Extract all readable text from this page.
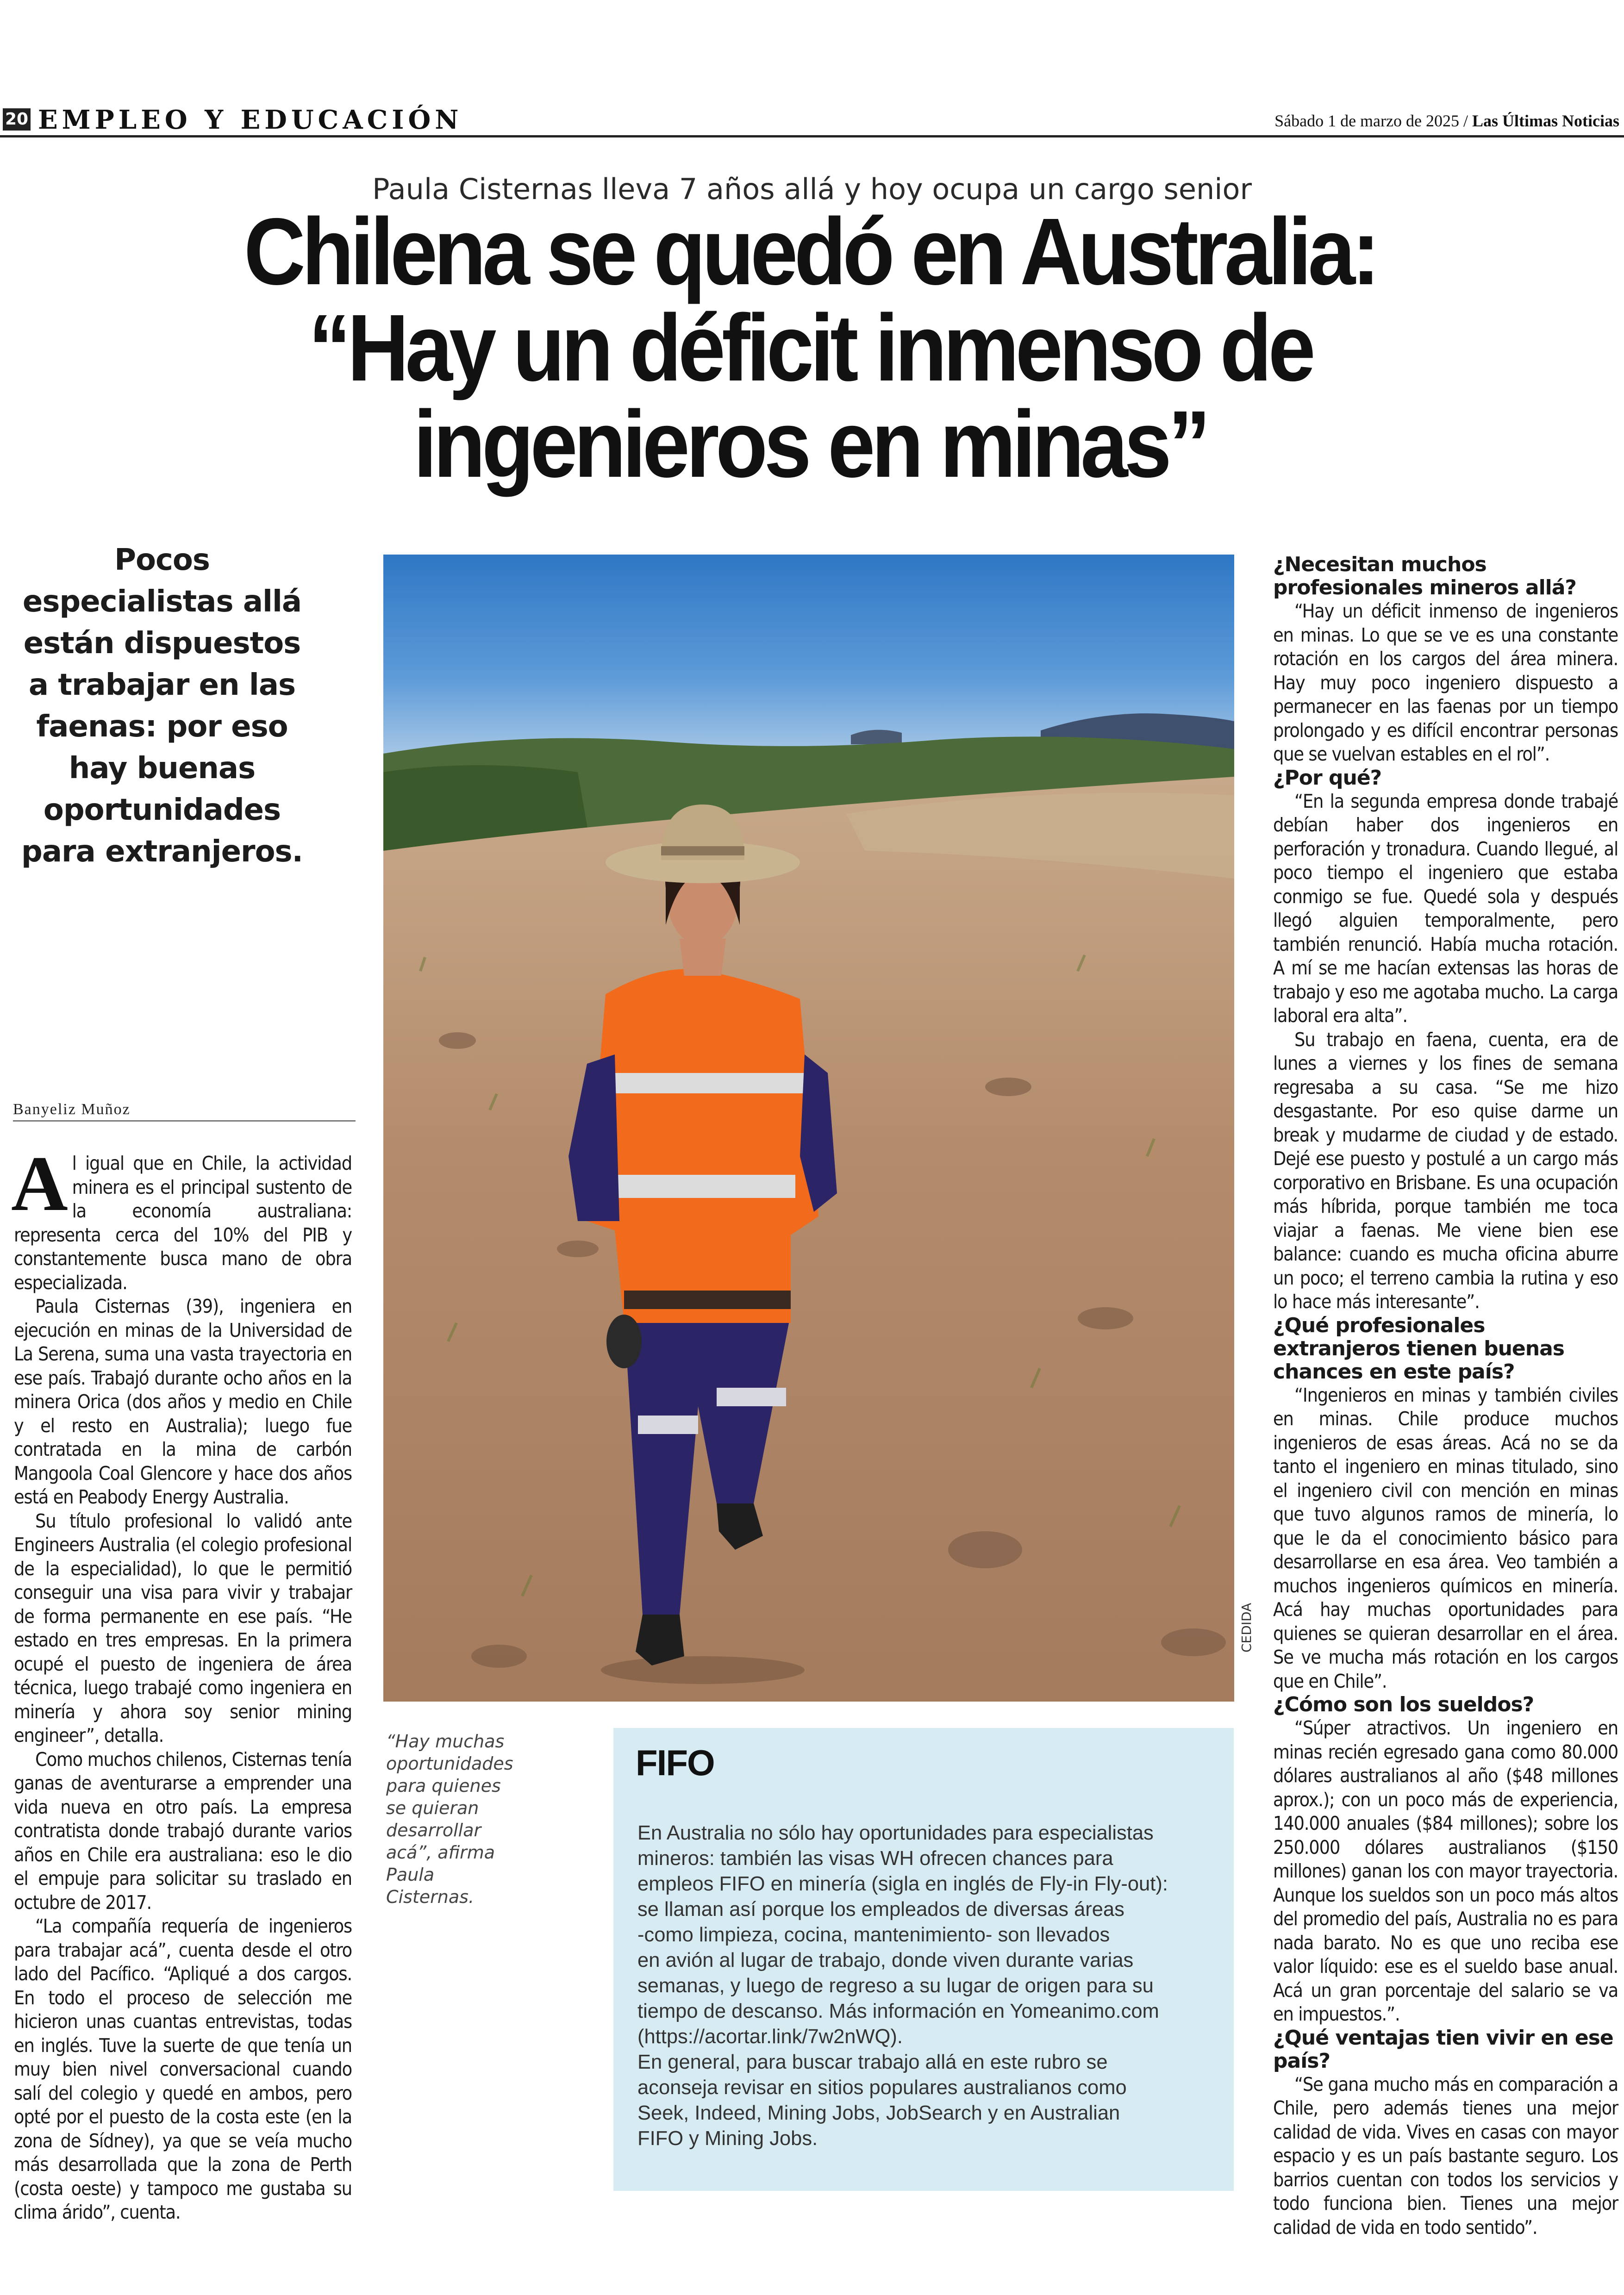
20 EMPLEO Y EDUCACIÓN	Sábado 1 de marzo de 2025 / Las Últimas Noticias
Paula Cisternas lleva 7 años allá y hoy ocupa un cargo senior
Chilena se quedó en Australia:
“Hay un déficit inmenso de
ingenieros en minas”
Pocos especialistas allá están dispuestos a trabajar en las faenas: por eso hay buenas oportunidades para extranjeros.
Banyeliz Muñoz

Al igual que en Chile, la actividad minera es el principal sustento de la economía australiana: representa cerca del 10% del PIB y constantemente busca mano de obra especializada.

Paula Cisternas (39), ingeniera en ejecución en minas de la Universidad de La Serena, suma una vasta trayectoria en ese país. Trabajó durante ocho años en la minera Orica (dos años y medio en Chile y el resto en Australia); luego fue contratada en la mina de carbón Mangoola Coal Glencore y hace dos años está en Peabody Energy Australia.

Su título profesional lo validó ante Engineers Australia (el colegio profesional de la especialidad), lo que le permitió conseguir una visa para vivir y trabajar de forma permanente en ese país. “He estado en tres empresas. En la primera ocupé el puesto de ingeniera de área técnica, luego trabajé como ingeniera en minería y ahora soy senior mining engineer”, detalla.

Como muchos chilenos, Cisternas tenía ganas de aventurarse a emprender una vida nueva en otro país. La empresa contratista donde trabajó durante varios años en Chile era australiana: eso le dio el empuje para solicitar su traslado en octubre de 2017.

“La compañía requería de ingenieros para trabajar acá”, cuenta desde el otro lado del Pacífico. “Apliqué a dos cargos. En todo el proceso de selección me hicieron unas cuantas entrevistas, todas en inglés. Tuve la suerte de que tenía un muy bien nivel conversacional cuando salí del colegio y quedé en ambos, pero opté por el puesto de la costa este (en la zona de Sídney), ya que se veía mucho más desarrollada que la zona de Perth (costa oeste) y tampoco me gustaba su clima árido”, cuenta.

CEDIDA
“Hay muchas oportunidades para quienes se quieran desarrollar acá”, afirma Paula Cisternas.
FIFO
En Australia no sólo hay oportunidades para especialistas
mineros: también las visas WH ofrecen chances para
empleos FIFO en minería (sigla en inglés de Fly-in Fly-out):
se llaman así porque los empleados de diversas áreas
-como limpieza, cocina, mantenimiento- son llevados
en avión al lugar de trabajo, donde viven durante varias
semanas, y luego de regreso a su lugar de origen para su
tiempo de descanso. Más información en Yomeanimo.com
(https://acortar.link/7w2nWQ).
En general, para buscar trabajo allá en este rubro se
aconseja revisar en sitios populares australianos como
Seek, Indeed, Mining Jobs, JobSearch y en Australian
FIFO y Mining Jobs.
¿Necesitan muchos profesionales mineros allá?

“Hay un déficit inmenso de ingenieros en minas. Lo que se ve es una constante rotación en los cargos del área minera. Hay muy poco ingeniero dispuesto a permanecer en las faenas por un tiempo prolongado y es difícil encontrar personas que se vuelvan estables en el rol”.

¿Por qué?

“En la segunda empresa donde trabajé debían haber dos ingenieros en perforación y tronadura. Cuando llegué, al poco tiempo el ingeniero que estaba conmigo se fue. Quedé sola y después llegó alguien temporalmente, pero también renunció. Había mucha rotación. A mí se me hacían extensas las horas de trabajo y eso me agotaba mucho. La carga laboral era alta”.

Su trabajo en faena, cuenta, era de lunes a viernes y los fines de semana regresaba a su casa. “Se me hizo desgastante. Por eso quise darme un break y mudarme de ciudad y de estado. Dejé ese puesto y postulé a un cargo más corporativo en Brisbane. Es una ocupación más híbrida, porque también me toca viajar a faenas. Me viene bien ese balance: cuando es mucha oficina aburre un poco; el terreno cambia la rutina y eso lo hace más interesante”.

¿Qué profesionales extranjeros tienen buenas chances en este país?

“Ingenieros en minas y también civiles en minas. Chile produce muchos ingenieros de esas áreas. Acá no se da tanto el ingeniero en minas titulado, sino el ingeniero civil con mención en minas que tuvo algunos ramos de minería, lo que le da el conocimiento básico para desarrollarse en esa área. Veo también a muchos ingenieros químicos en minería. Acá hay muchas oportunidades para quienes se quieran desarrollar en el área. Se ve mucha más rotación en los cargos que en Chile”.

¿Cómo son los sueldos?

“Súper atractivos. Un ingeniero en minas recién egresado gana como 80.000 dólares australianos al año ($48 millones aprox.); con un poco más de experiencia, 140.000 anuales ($84 millones); sobre los 250.000 dólares australianos ($150 millones) ganan los con mayor trayectoria. Aunque los sueldos son un poco más altos del promedio del país, Australia no es para nada barato. No es que uno reciba ese valor líquido: ese es el sueldo base anual. Acá un gran porcentaje del salario se va en impuestos.”.

¿Qué ventajas tien vivir en ese país?

“Se gana mucho más en comparación a Chile, pero además tienes una mejor calidad de vida. Vives en casas con mayor espacio y es un país bastante seguro. Los barrios cuentan con todos los servicios y todo funciona bien. Tienes una mejor calidad de vida en todo sentido”.
